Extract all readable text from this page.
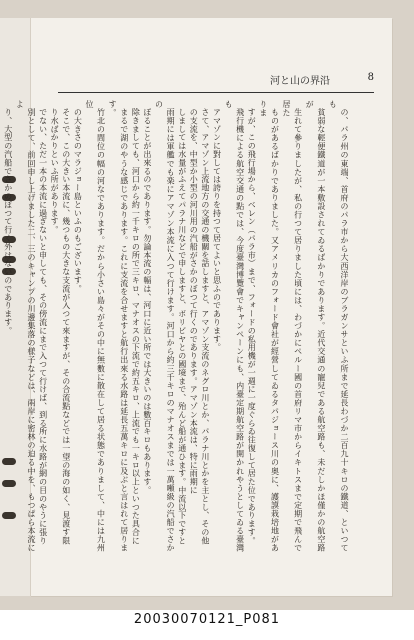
河と山の界沿	8

の、パラ州の東端、首府のパラ市から大西洋岸のブラガンサといふ所まで延長わづか二百九十キロの鐵道、といつても

貧弱な輕便鐵道が一本敷設されてゐるばかりであります。近代交通の寵兒である航空路も、未だしかほ僅かの航空路が

生れて參りましたが、私の行つて居りました頃には、わづかにペルー國の首府リマ市からイキトスまで定期で飛んで居た

ものがあるばかりでありました。又アメリカのフォード會社が經營してゐるタパジョース川の奥に、護謨栽培地がありま

すが、この飛行場から、ベレン（パラ市）まで、フォードの私用機が一週に一度ぐらゐ往復して居た位であります。

飛行機による航空交通の點では、今度臺灣博覽會でキャンペーンにも、内臺定期航空路が開かれやうとしてゐる臺灣も

アマゾンに對しては誇りを持つて居てよいと思ふのであります。

さて、アマゾン上流地方の交通の機關を話しますと、アマゾン支流のネグロ川とか、パラナ川とかを主とし、その他

の支流を、中型か小型の河川用の汽船がさかのぼつて行くのであります。アマゾン本流は、特に雨期に

しましては水量がふえてパラナ川などで申しますと、ボリビヤとの國境まで、殆んど船が通ひます。中流以下ですと

雨期には軍艦でも楽にアマゾン本流に入つて行けます。河口から約三千キロのマナオスまでは一萬噸級の汽船でさかの

ぼることが出來るのであります。勿論本流の幅は、河口に近い所では大きいのは數百キロもあります。

除きましても、河口から約一千キロの所で三キロ、マナオスの下流で約五キロ、上流でも一キロ以上といつた具合に

まるで湖のやうな感じであります。これに支流を合せますと航行出來る水路は延長五萬キロに及ぶと言はれて居ります。

竹北の間位の幅の河なであります。だから小さい島々がその中に無數に散在して居る状態でありまして、中には九州位

の大きさのマラジョー島といふのもございます。

そこで、この大きい本流に、幾つもの大きな支流が入つて來ますが、その合流點などでは一望の海の如く、見渡す限

り水ばかりといふ所があります。

でない、ただ一本の本流に過ぎないと申しても、その傍流にまで入つて行けば、到る所に水路が網の目のやうに張り

別として、前回申し上げました二、三のキャンプの川邊集落の様子などは、兩岸に密林の迫る中を、もつぱら本流によ

り、大型の汽船でさかのぼつて行く外はないのであります。

20030070121_P081
